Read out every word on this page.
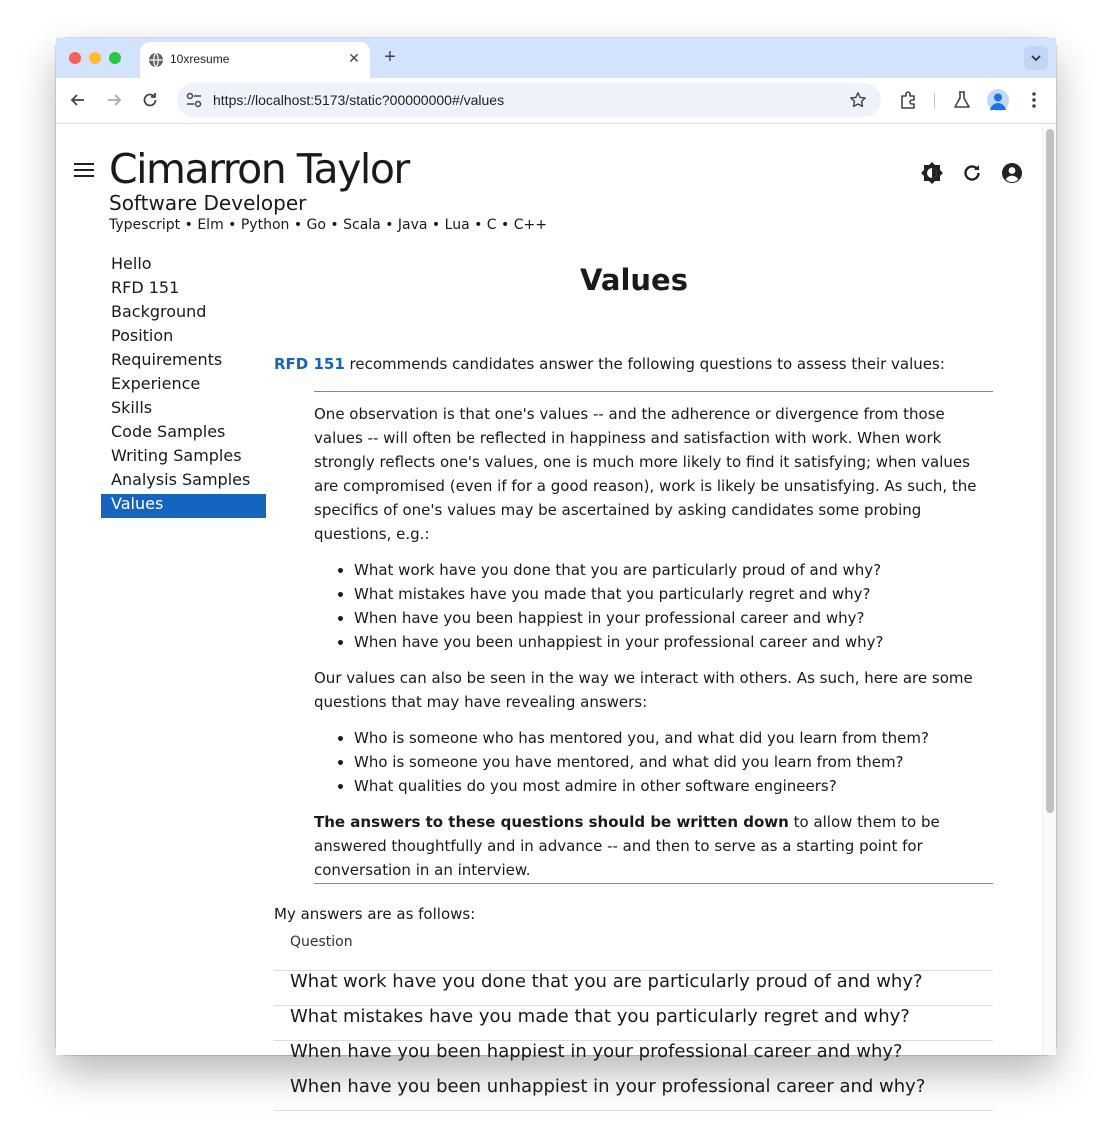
10xresume	✕ +
https://localhost:5173/static?00000000#/values
Cimarron Taylor
Software Developer
Typescript • Elm • Python • Go • Scala • Java • Lua • C • C++
Hello
RFD 151
Background
Position
Requirements
Experience
Skills
Code Samples
Writing Samples
Analysis Samples
Values
Values
RFD 151 recommends candidates answer the following questions to assess their values:

One observation is that one's values -- and the adherence or divergence from those values -- will often be reflected in happiness and satisfaction with work. When work strongly reflects one's values, one is much more likely to find it satisfying; when values are compromised (even if for a good reason), work is likely be unsatisfying. As such, the specifics of one's values may be ascertained by asking candidates some probing questions, e.g.:

• What work have you done that you are particularly proud of and why?
• What mistakes have you made that you particularly regret and why?
• When have you been happiest in your professional career and why?
• When have you been unhappiest in your professional career and why?

Our values can also be seen in the way we interact with others. As such, here are some questions that may have revealing answers:

• Who is someone who has mentored you, and what did you learn from them?
• Who is someone you have mentored, and what did you learn from them?
• What qualities do you most admire in other software engineers?

The answers to these questions should be written down to allow them to be answered thoughtfully and in advance -- and then to serve as a starting point for conversation in an interview.

My answers are as follows:
Question
What work have you done that you are particularly proud of and why?
What mistakes have you made that you particularly regret and why?
When have you been happiest in your professional career and why?
When have you been unhappiest in your professional career and why?
